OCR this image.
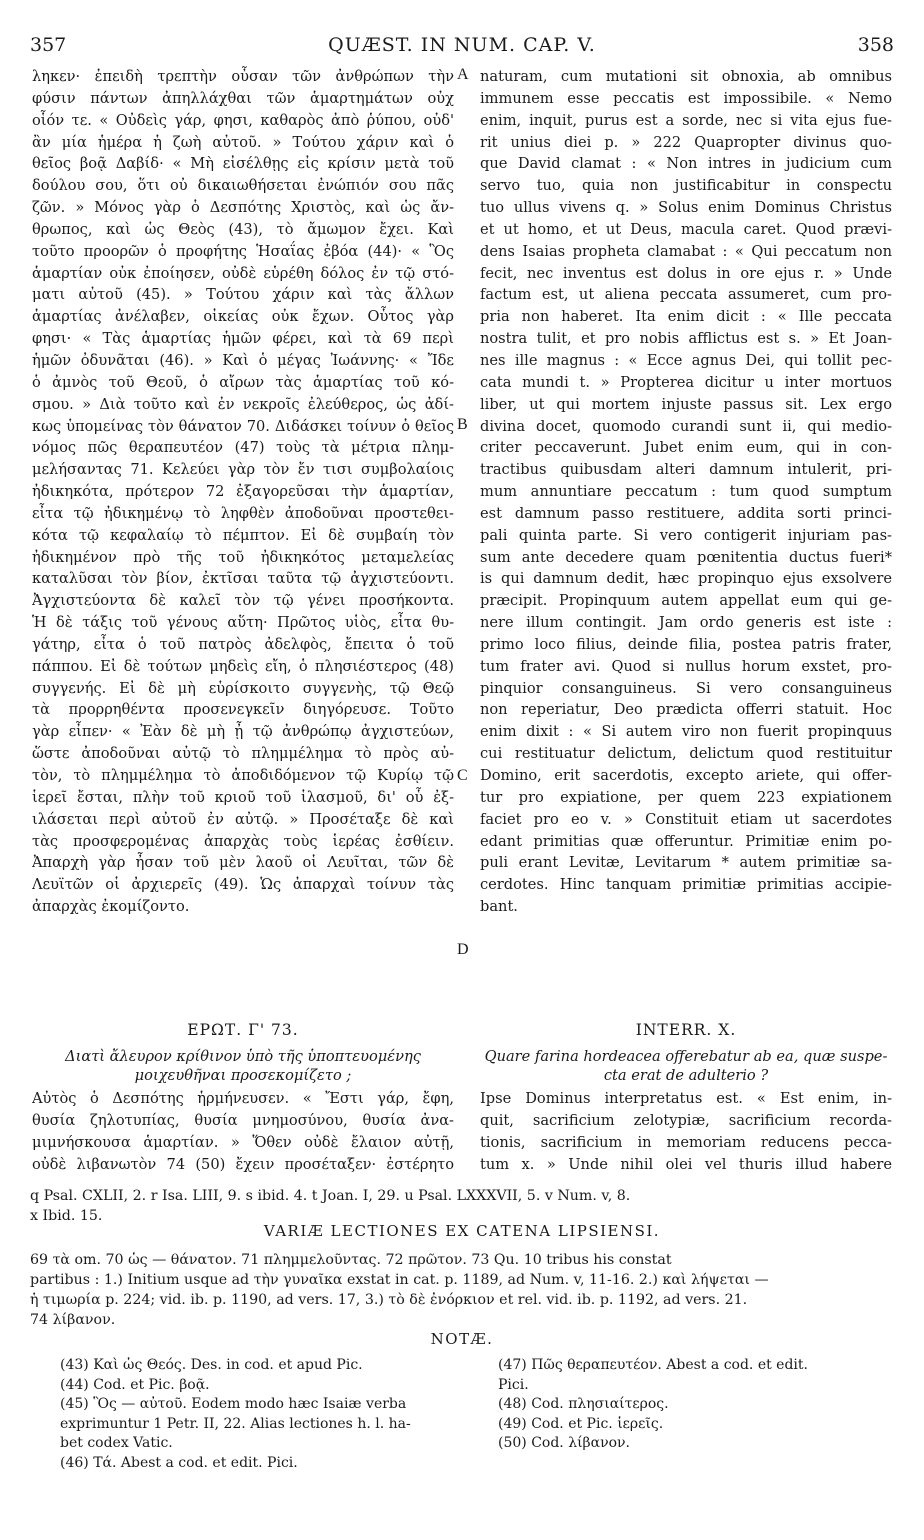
357	QUÆST. IN NUM. CAP. V.	358
ληκεν· ἐπειδὴ τρεπτὴν οὖσαν τῶν ἀνθρώπων τὴν
φύσιν πάντων ἀπηλλάχθαι τῶν ἁμαρτημάτων οὐχ
οἷόν τε. « Οὐδεὶς γάρ, φησι, καθαρὸς ἀπὸ ῥύπου, οὐδ'
ἂν μία ἡμέρα ἡ ζωὴ αὐτοῦ. » Τούτου χάριν καὶ ὁ
θεῖος βοᾷ Δαβίδ· « Μὴ εἰσέλθῃς εἰς κρίσιν μετὰ τοῦ
δούλου σου, ὅτι οὐ δικαιωθήσεται ἐνώπιόν σου πᾶς
ζῶν. » Μόνος γὰρ ὁ Δεσπότης Χριστὸς, καὶ ὡς ἄν-
θρωπος, καὶ ὡς Θεὸς (43), τὸ ἄμωμον ἔχει. Καὶ
τοῦτο προορῶν ὁ προφήτης Ἡσαΐας ἐβόα (44)· « Ὃς
ἁμαρτίαν οὐκ ἐποίησεν, οὐδὲ εὑρέθη δόλος ἐν τῷ στό-
ματι αὐτοῦ (45). » Τούτου χάριν καὶ τὰς ἄλλων
ἁμαρτίας ἀνέλαβεν, οἰκείας οὐκ ἔχων. Οὗτος γὰρ
φησι· « Τὰς ἁμαρτίας ἡμῶν φέρει, καὶ τὰ 69 περὶ
ἡμῶν ὀδυνᾶται (46). » Καὶ ὁ μέγας Ἰωάννης· « Ἴδε
ὁ ἀμνὸς τοῦ Θεοῦ, ὁ αἴρων τὰς ἁμαρτίας τοῦ κό-
σμου. » Διὰ τοῦτο καὶ ἐν νεκροῖς ἐλεύθερος, ὡς ἀδί-
κως ὑπομείνας τὸν θάνατον 70. Διδάσκει τοίνυν ὁ θεῖος
νόμος πῶς θεραπευτέον (47) τοὺς τὰ μέτρια πλημ-
μελήσαντας 71. Κελεύει γὰρ τὸν ἔν τισι συμβολαίοις
ἠδικηκότα, πρότερον 72 ἐξαγορεῦσαι τὴν ἁμαρτίαν,
εἶτα τῷ ἠδικημένῳ τὸ ληφθὲν ἀποδοῦναι προστεθει-
κότα τῷ κεφαλαίῳ τὸ πέμπτον. Εἰ δὲ συμβαίη τὸν
ἠδικημένον πρὸ τῆς τοῦ ἠδικηκότος μεταμελείας
καταλῦσαι τὸν βίον, ἐκτῖσαι ταῦτα τῷ ἀγχιστεύοντι.
Ἀγχιστεύοντα δὲ καλεῖ τὸν τῷ γένει προσήκοντα.
Ἡ δὲ τάξις τοῦ γένους αὕτη· Πρῶτος υἱὸς, εἶτα θυ-
γάτηρ, εἶτα ὁ τοῦ πατρὸς ἀδελφὸς, ἔπειτα ὁ τοῦ
πάππου. Εἰ δὲ τούτων μηδεὶς εἴη, ὁ πλησιέστερος (48)
συγγενής. Εἰ δὲ μὴ εὑρίσκοιτο συγγενὴς, τῷ Θεῷ
τὰ προρρηθέντα προσενεγκεῖν διηγόρευσε. Τοῦτο
γὰρ εἶπεν· « Ἐὰν δὲ μὴ ᾖ τῷ ἀνθρώπῳ ἀγχιστεύων,
ὥστε ἀποδοῦναι αὐτῷ τὸ πλημμέλημα τὸ πρὸς αὐ-
τὸν, τὸ πλημμέλημα τὸ ἀποδιδόμενον τῷ Κυρίῳ τῷ
ἱερεῖ ἔσται, πλὴν τοῦ κριοῦ τοῦ ἱλασμοῦ, δι' οὗ ἐξ-
ιλάσεται περὶ αὐτοῦ ἐν αὐτῷ. » Προσέταξε δὲ καὶ
τὰς προσφερομένας ἀπαρχὰς τοὺς ἱερέας ἐσθίειν.
Ἀπαρχὴ γὰρ ἦσαν τοῦ μὲν λαοῦ οἱ Λευῖται, τῶν δὲ
Λευϊτῶν οἱ ἀρχιερεῖς (49). Ὡς ἀπαρχαὶ τοίνυν τὰς
ἀπαρχὰς ἐκομίζοντο.
naturam, cum mutationi sit obnoxia, ab omnibus
immunem esse peccatis est impossibile. « Nemo
enim, inquit, purus est a sorde, nec si vita ejus fue-
rit unius diei p. » 222 Quapropter divinus quo-
que David clamat : « Non intres in judicium cum
servo tuo, quia non justificabitur in conspectu
tuo ullus vivens q. » Solus enim Dominus Christus
et ut homo, et ut Deus, macula caret. Quod prævi-
dens Isaias propheta clamabat : « Qui peccatum non
fecit, nec inventus est dolus in ore ejus r. » Unde
factum est, ut aliena peccata assumeret, cum pro-
pria non haberet. Ita enim dicit : « Ille peccata
nostra tulit, et pro nobis afflictus est s. » Et Joan-
nes ille magnus : « Ecce agnus Dei, qui tollit pec-
cata mundi t. » Propterea dicitur u inter mortuos
liber, ut qui mortem injuste passus sit. Lex ergo
divina docet, quomodo curandi sunt ii, qui medio-
criter peccaverunt. Jubet enim eum, qui in con-
tractibus quibusdam alteri damnum intulerit, pri-
mum annuntiare peccatum : tum quod sumptum
est damnum passo restituere, addita sorti princi-
pali quinta parte. Si vero contigerit injuriam pas-
sum ante decedere quam pœnitentia ductus fueri*
is qui damnum dedit, hæc propinquo ejus exsolvere
præcipit. Propinquum autem appellat eum qui ge-
nere illum contingit. Jam ordo generis est iste :
primo loco filius, deinde filia, postea patris frater,
tum frater avi. Quod si nullus horum exstet, pro-
pinquior consanguineus. Si vero consanguineus
non reperiatur, Deo prædicta offerri statuit. Hoc
enim dixit : « Si autem viro non fuerit propinquus
cui restituatur delictum, delictum quod restituitur
Domino, erit sacerdotis, excepto ariete, qui offer-
tur pro expiatione, per quem 223 expiationem
faciet pro eo v. » Constituit etiam ut sacerdotes
edant primitias quæ offeruntur. Primitiæ enim po-
puli erant Levitæ, Levitarum * autem primitiæ sa-
cerdotes. Hinc tanquam primitiæ primitias accipie-
bant.
A
B
C
D
ΕΡΩΤ. Γ' 73.
Διατὶ ἄλευρον κρίθινον ὑπὸ τῆς ὑποπτευομένης
μοιχευθῆναι προσεκομίζετο ;
Αὐτὸς ὁ Δεσπότης ἡρμήνευσεν. « Ἔστι γάρ, ἔφη,
θυσία ζηλοτυπίας, θυσία μνημοσύνου, θυσία ἀνα-
μιμνήσκουσα ἁμαρτίαν. » Ὅθεν οὐδὲ ἔλαιον αὐτῇ,
οὐδὲ λιβανωτὸν 74 (50) ἔχειν προσέταξεν· ἐστέρητο
INTERR. X.
Quare farina hordeacea offerebatur ab ea, quæ suspe-
cta erat de adulterio ?
Ipse Dominus interpretatus est. « Est enim, in-
quit, sacrificium zelotypiæ, sacrificium recorda-
tionis, sacrificium in memoriam reducens pecca-
tum x. » Unde nihil olei vel thuris illud habere
q Psal. CXLII, 2. r Isa. LIII, 9. s ibid. 4. t Joan. I, 29. u Psal. LXXXVII, 5. v Num. v, 8.
x Ibid. 15.
VARIÆ LECTIONES EX CATENA LIPSIENSI.
69 τὰ om. 70 ὡς — θάνατον. 71 πλημμελοῦντας. 72 πρῶτον. 73 Qu. 10 tribus his constat
partibus : 1.) Initium usque ad τὴν γυναῖκα exstat in cat. p. 1189, ad Num. v, 11-16. 2.) καὶ λήψεται —
ἡ τιμωρία p. 224; vid. ib. p. 1190, ad vers. 17, 3.) τὸ δὲ ἐνόρκιον et rel. vid. ib. p. 1192, ad vers. 21.
74 λίβανον.
NOTÆ.
(43) Καὶ ὡς Θεός. Des. in cod. et apud Pic.
(44) Cod. et Pic. βοᾷ.
(45) Ὃς — αὐτοῦ. Eodem modo hæc Isaiæ verba
exprimuntur 1 Petr. II, 22. Alias lectiones h. l. ha-
bet codex Vatic.
(46) Τά. Abest a cod. et edit. Pici.
(47) Πῶς θεραπευτέον. Abest a cod. et edit.
Pici.
(48) Cod. πλησιαίτερος.
(49) Cod. et Pic. ἱερεῖς.
(50) Cod. λίβανον.
